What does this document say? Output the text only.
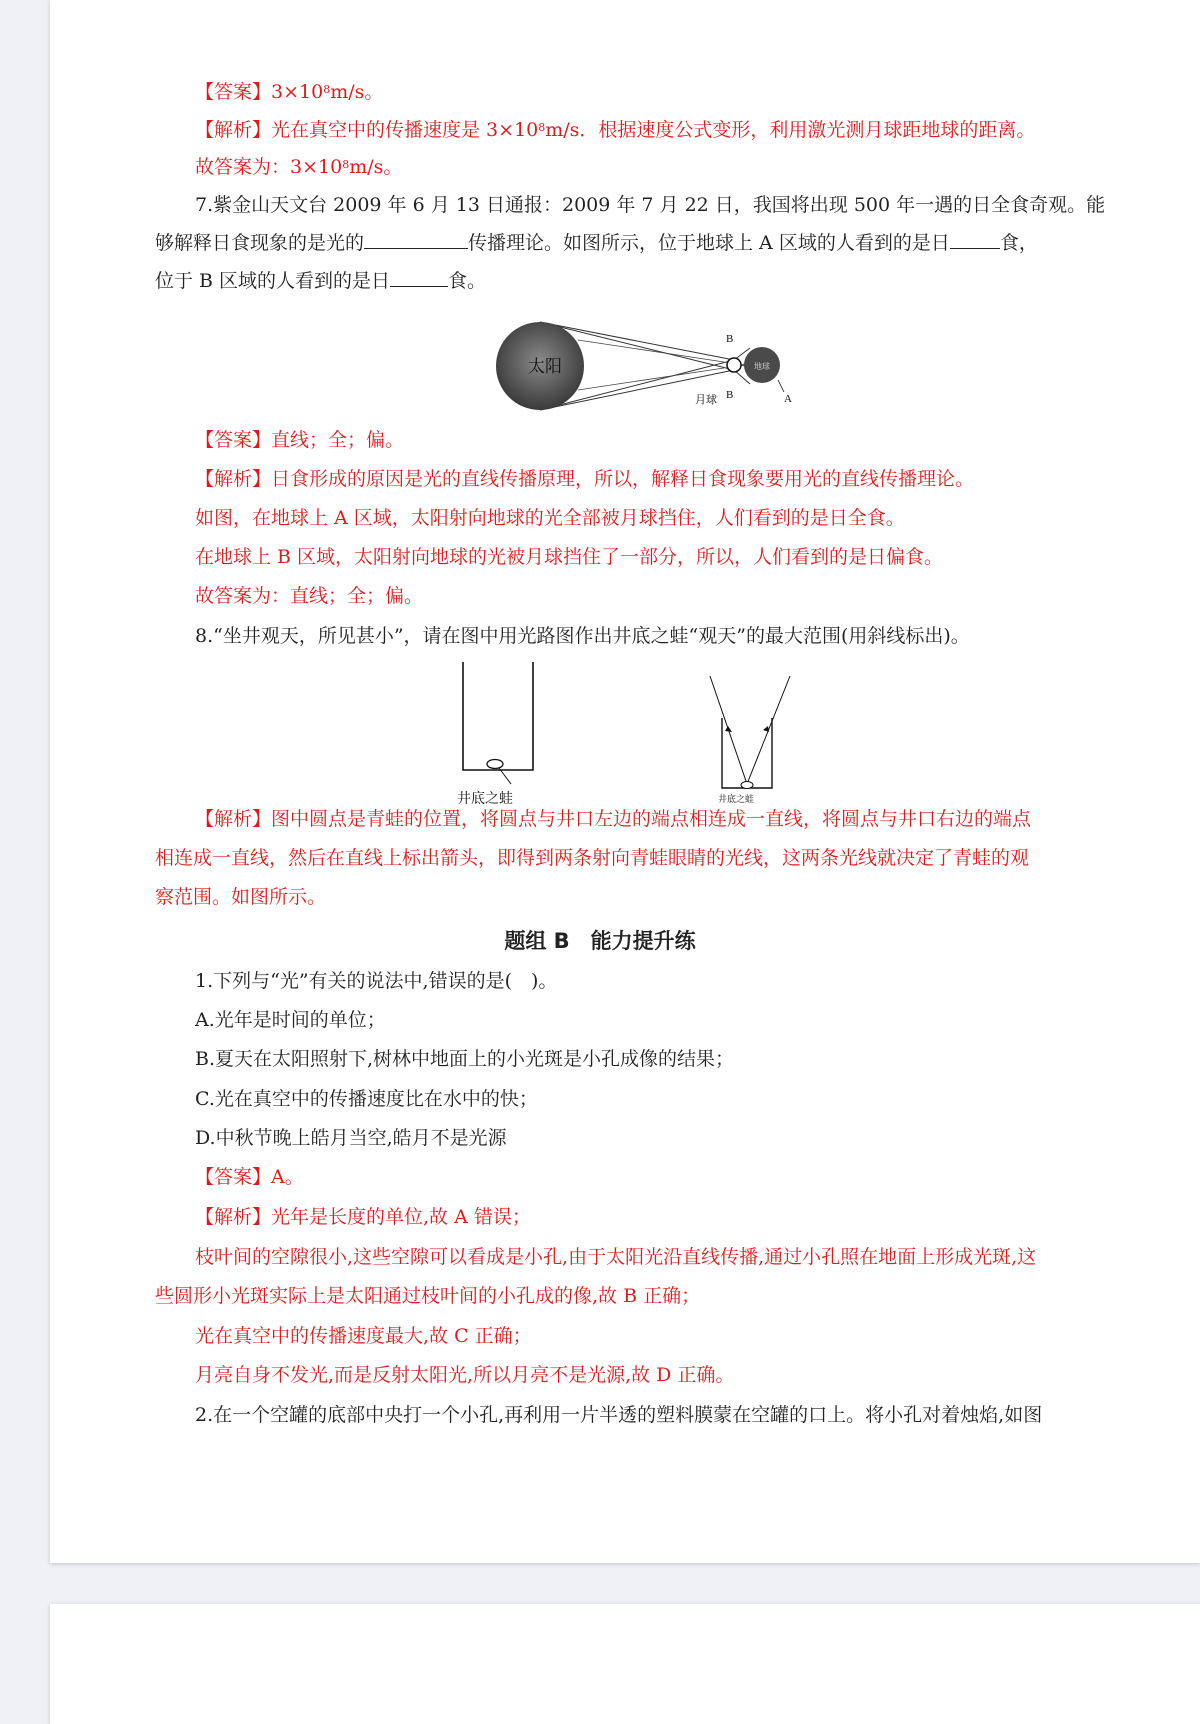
【答案】$3\times 10^8m/s$。
【解析】光在真空中的传播速度是 $3\times 10^8m/s$．根据速度公式变形，利用激光测月球距地球的距离。
故答案为：$3\times 10^8m/s$。
7.紫金山天文台 2009 年 6 月 13 日通报：2009 年 7 月 22 日，我国将出现 500 年一遇的日全食奇观。能
够解释日食现象的是光的	传播理论。如图所示，位于地球上 A 区域的人看到的是日	食，
位于 B 区域的人看到的是日	食。
太阳	地球
月球
B
B	A
【答案】直线；全；偏。
【解析】日食形成的原因是光的直线传播原理，所以，解释日食现象要用光的直线传播理论。
如图，在地球上 A 区域，太阳射向地球的光全部被月球挡住，人们看到的是日全食。
在地球上 B 区域，太阳射向地球的光被月球挡住了一部分，所以，人们看到的是日偏食。
故答案为：直线；全；偏。
8.“坐井观天，所见甚小”，请在图中用光路图作出井底之蛙“观天”的最大范围(用斜线标出)。
井底之蛙	井底之蛙
【解析】图中圆点是青蛙的位置，将圆点与井口左边的端点相连成一直线，将圆点与井口右边的端点
相连成一直线，然后在直线上标出箭头，即得到两条射向青蛙眼睛的光线，这两条光线就决定了青蛙的观
察范围。如图所示。
题组 B　能力提升练
1.下列与“光”有关的说法中,错误的是(　)。
A.光年是时间的单位；
B.夏天在太阳照射下,树林中地面上的小光斑是小孔成像的结果；
C.光在真空中的传播速度比在水中的快；
D.中秋节晚上皓月当空,皓月不是光源
【答案】A。
【解析】光年是长度的单位,故 A 错误；
枝叶间的空隙很小,这些空隙可以看成是小孔,由于太阳光沿直线传播,通过小孔照在地面上形成光斑,这
些圆形小光斑实际上是太阳通过枝叶间的小孔成的像,故 B 正确；
光在真空中的传播速度最大,故 C 正确；
月亮自身不发光,而是反射太阳光,所以月亮不是光源,故 D 正确。
2.在一个空罐的底部中央打一个小孔,再利用一片半透的塑料膜蒙在空罐的口上。将小孔对着烛焰,如图
